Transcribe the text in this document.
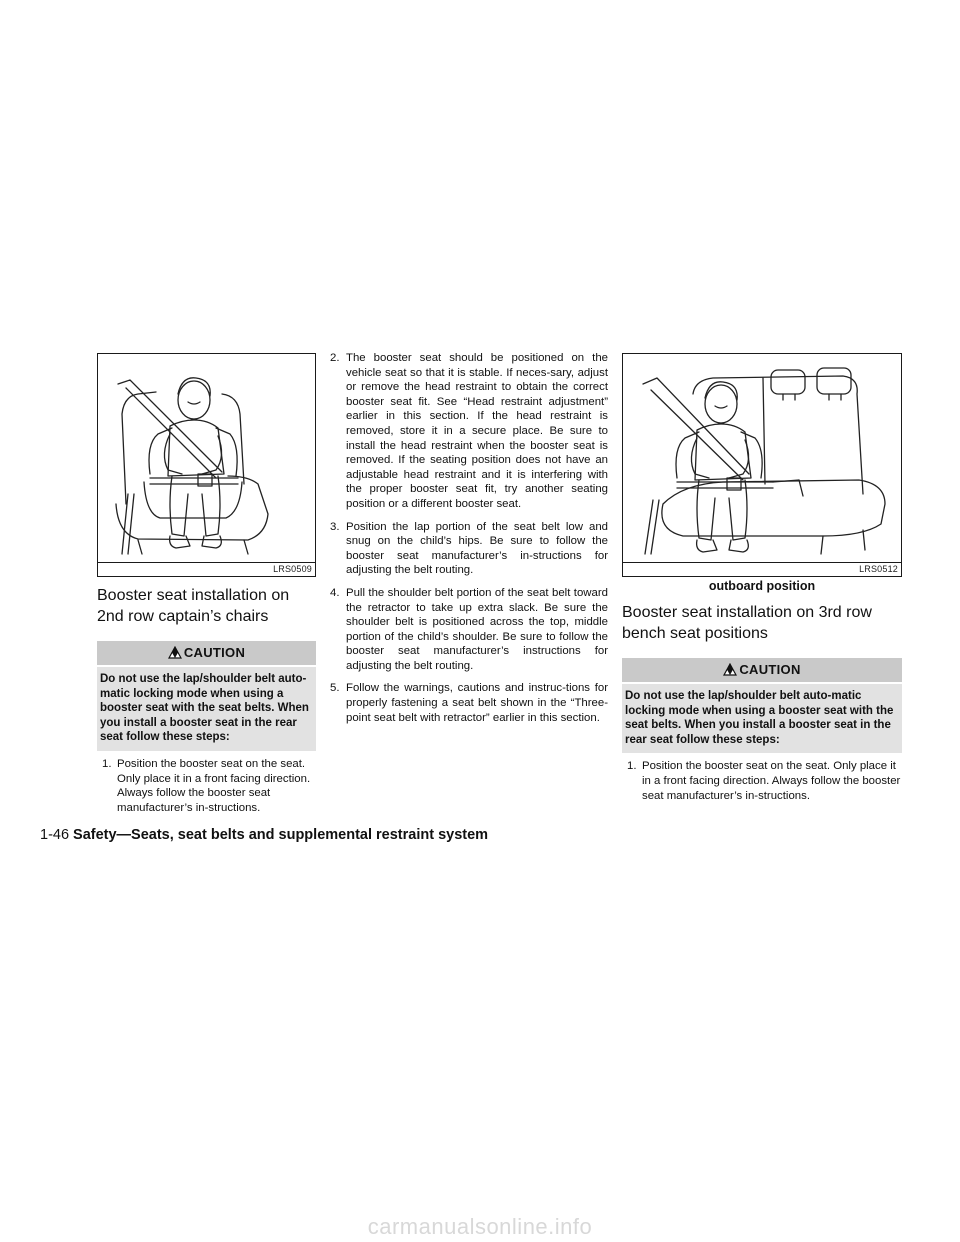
LRS0509
Booster seat installation on 2nd row captain’s chairs
CAUTION
Do not use the lap/shoulder belt auto-matic locking mode when using a booster seat with the seat belts. When you install a booster seat in the rear seat follow these steps:
1. Position the booster seat on the seat. Only place it in a front facing direction. Always follow the booster seat manufacturer’s in-structions.
2. The booster seat should be positioned on the vehicle seat so that it is stable. If neces-sary, adjust or remove the head restraint to obtain the correct booster seat fit. See “Head restraint adjustment” earlier in this section. If the head restraint is removed, store it in a secure place. Be sure to install the head restraint when the booster seat is removed. If the seating position does not have an adjustable head restraint and it is interfering with the proper booster seat fit, try another seating position or a different booster seat.
3. Position the lap portion of the seat belt low and snug on the child’s hips. Be sure to follow the booster seat manufacturer’s in-structions for adjusting the belt routing.
4. Pull the shoulder belt portion of the seat belt toward the retractor to take up extra slack. Be sure the shoulder belt is positioned across the top, middle portion of the child’s shoulder. Be sure to follow the booster seat manufacturer’s instructions for adjusting the belt routing.
5. Follow the warnings, cautions and instruc-tions for properly fastening a seat belt shown in the “Three-point seat belt with retractor” earlier in this section.
LRS0512
outboard position
Booster seat installation on 3rd row bench seat positions
CAUTION
Do not use the lap/shoulder belt auto-matic locking mode when using a booster seat with the seat belts. When you install a booster seat in the rear seat follow these steps:
1. Position the booster seat on the seat. Only place it in a front facing direction. Always follow the booster seat manufacturer’s in-structions.
1-46 Safety—Seats, seat belts and supplemental restraint system
carmanualsonline.info
